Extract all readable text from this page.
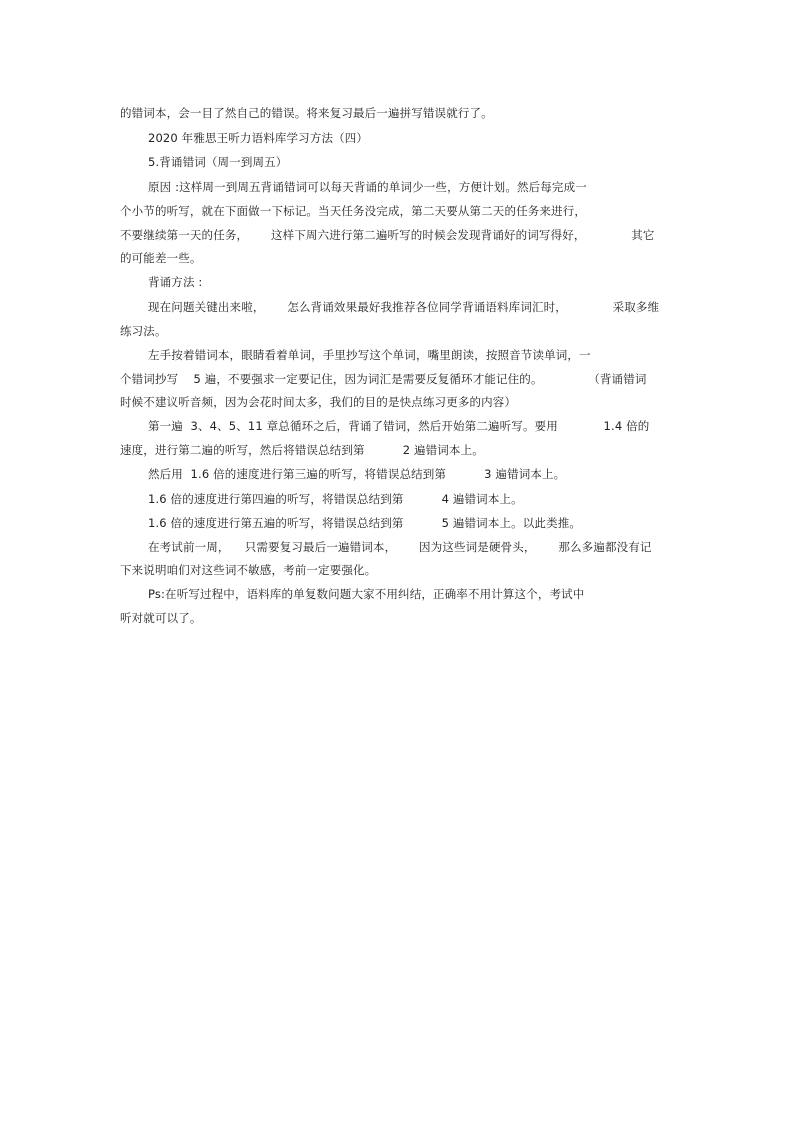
的错词本，会一目了然自己的错误。将来复习最后一遍拼写错误就行了。
2020 年雅思王听力语料库学习方法（四）
5.背诵错词（周一到周五）
原因 :这样周一到周五背诵错词可以每天背诵的单词少一些，方便计划。然后每完成一
个小节的听写，就在下面做一下标记。当天任务没完成，第二天要从第二天的任务来进行，
不要继续第一天的任务，      这样下周六进行第二遍听写的时候会发现背诵好的词写得好，            其它
的可能差一些。
背诵方法 :
现在问题关键出来啦，      怎么背诵效果最好我推荐各位同学背诵语料库词汇时，            采取多维
练习法。
左手按着错词本，眼睛看着单词，手里抄写这个单词，嘴里朗读，按照音节读单词，一
个错词抄写    5 遍，不要强求一定要记住，因为词汇是需要反复循环才能记住的。            （背诵错词
时候不建议听音频，因为会花时间太多，我们的目的是快点练习更多的内容）
第一遍  3、4、5、11 章总循环之后，背诵了错词，然后开始第二遍听写。要用            1.4 倍的
速度，进行第二遍的听写，然后将错误总结到第          2 遍错词本上。
然后用  1.6 倍的速度进行第三遍的听写，将错误总结到第          3 遍错词本上。
1.6 倍的速度进行第四遍的听写，将错误总结到第          4 遍错词本上。
1.6 倍的速度进行第五遍的听写，将错误总结到第          5 遍错词本上。以此类推。
在考试前一周，    只需要复习最后一遍错词本，      因为这些词是硬骨头，      那么多遍都没有记
下来说明咱们对这些词不敏感，考前一定要强化。
Ps:在听写过程中，语料库的单复数问题大家不用纠结，正确率不用计算这个，考试中
听对就可以了。
